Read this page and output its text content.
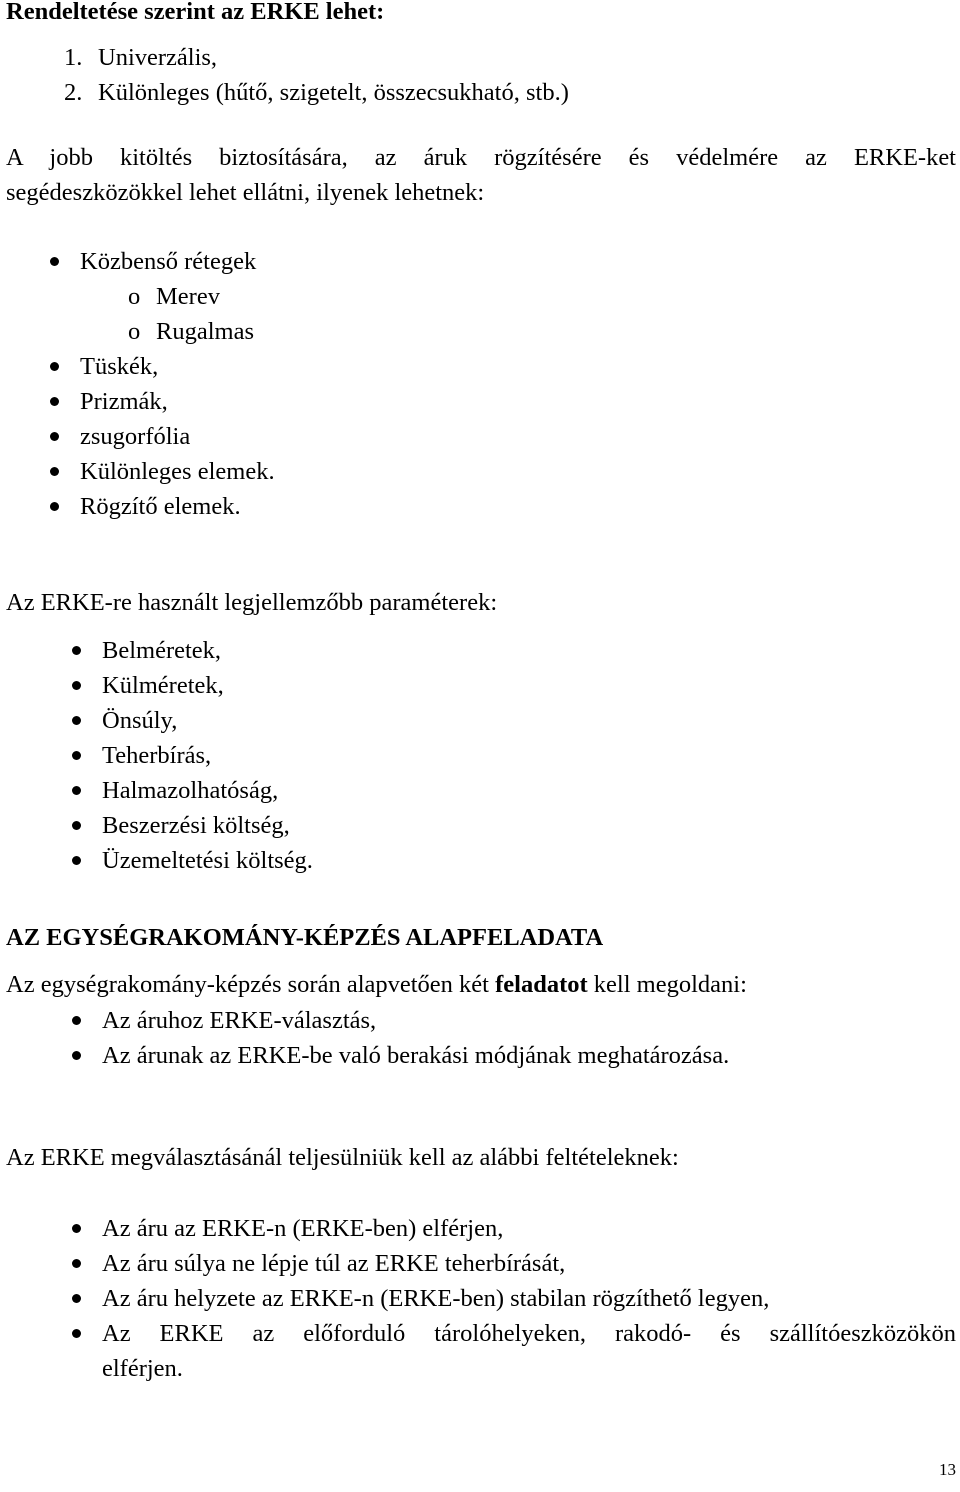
Rendeltetése szerint az ERKE lehet:

1. Univerzális,
2. Különleges (hűtő, szigetelt, összecsukható, stb.)

A jobb kitöltés biztosítására, az áruk rögzítésére és védelmére az ERKE-ket
segédeszközökkel lehet ellátni, ilyenek lehetnek:

Közbenső rétegek
o Merev
o Rugalmas
Tüskék,
Prizmák,
zsugorfólia
Különleges elemek.
Rögzítő elemek.

Az ERKE-re használt legjellemzőbb paraméterek:

Belméretek,
Külméretek,
Önsúly,
Teherbírás,
Halmazolhatóság,
Beszerzési költség,
Üzemeltetési költség.
AZ EGYSÉGRAKOMÁNY-KÉPZÉS ALAPFELADATA

Az egységrakomány-képzés során alapvetően két feladatot kell megoldani:

Az áruhoz ERKE-választás,
Az árunak az ERKE-be való berakási módjának meghatározása.

Az ERKE megválasztásánál teljesülniük kell az alábbi feltételeknek:

Az áru az ERKE-n (ERKE-ben) elférjen,
Az áru súlya ne lépje túl az ERKE teherbírását,
Az áru helyzete az ERKE-n (ERKE-ben) stabilan rögzíthető legyen,
Az ERKE az előforduló tárolóhelyeken, rakodó- és szállítóeszközökön
elférjen.
13
